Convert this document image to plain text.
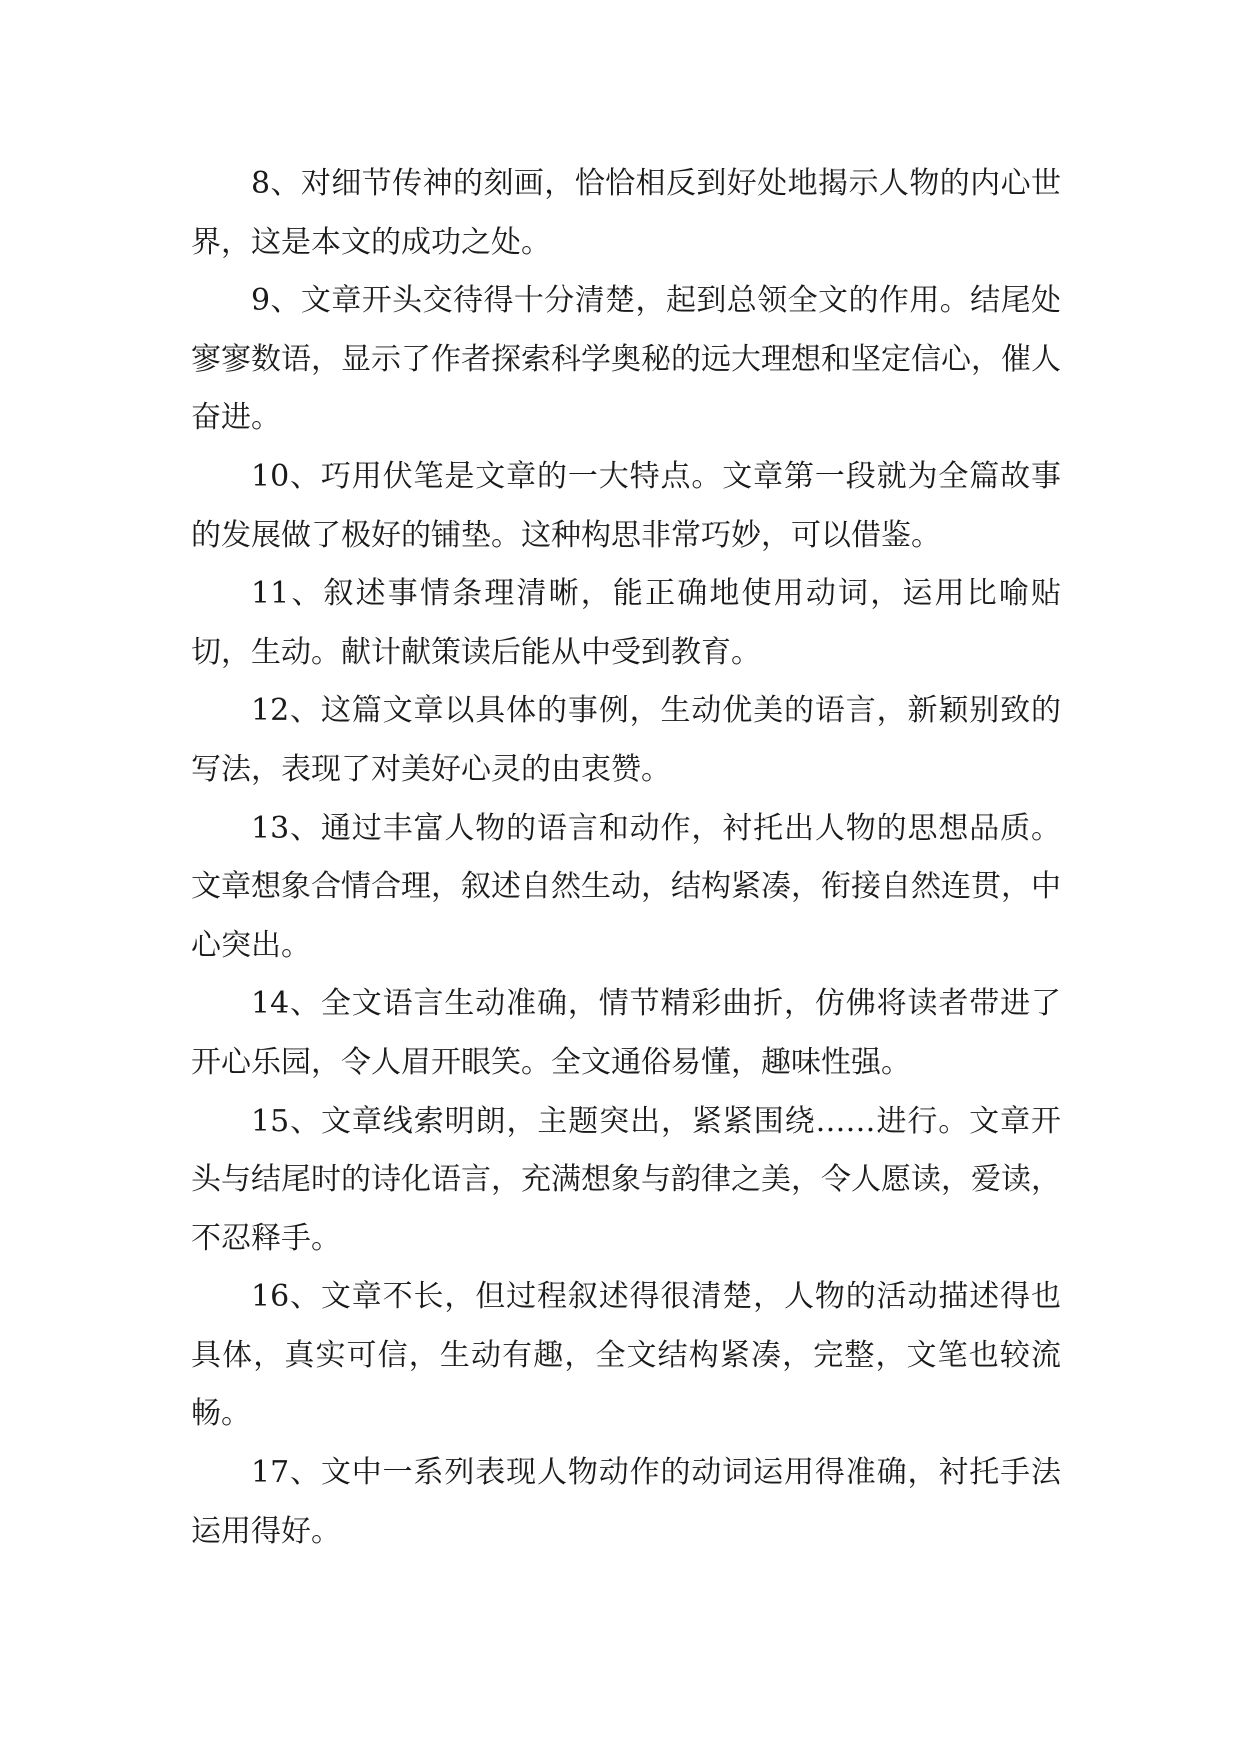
8、对细节传神的刻画，恰恰相反到好处地揭示人物的内心世界，这是本文的成功之处。

9、文章开头交待得十分清楚，起到总领全文的作用。结尾处寥寥数语，显示了作者探索科学奥秘的远大理想和坚定信心，催人奋进。

10、巧用伏笔是文章的一大特点。文章第一段就为全篇故事的发展做了极好的铺垫。这种构思非常巧妙，可以借鉴。

11、叙述事情条理清晰，能正确地使用动词，运用比喻贴切，生动。献计献策读后能从中受到教育。

12、这篇文章以具体的事例，生动优美的语言，新颖别致的写法，表现了对美好心灵的由衷赞。

13、通过丰富人物的语言和动作，衬托出人物的思想品质。文章想象合情合理，叙述自然生动，结构紧凑，衔接自然连贯，中心突出。

14、全文语言生动准确，情节精彩曲折，仿佛将读者带进了开心乐园，令人眉开眼笑。全文通俗易懂，趣味性强。

15、文章线索明朗，主题突出，紧紧围绕……进行。文章开头与结尾时的诗化语言，充满想象与韵律之美，令人愿读，爱读，不忍释手。

16、文章不长，但过程叙述得很清楚，人物的活动描述得也具体，真实可信，生动有趣，全文结构紧凑，完整，文笔也较流畅。

17、文中一系列表现人物动作的动词运用得准确，衬托手法运用得好。
